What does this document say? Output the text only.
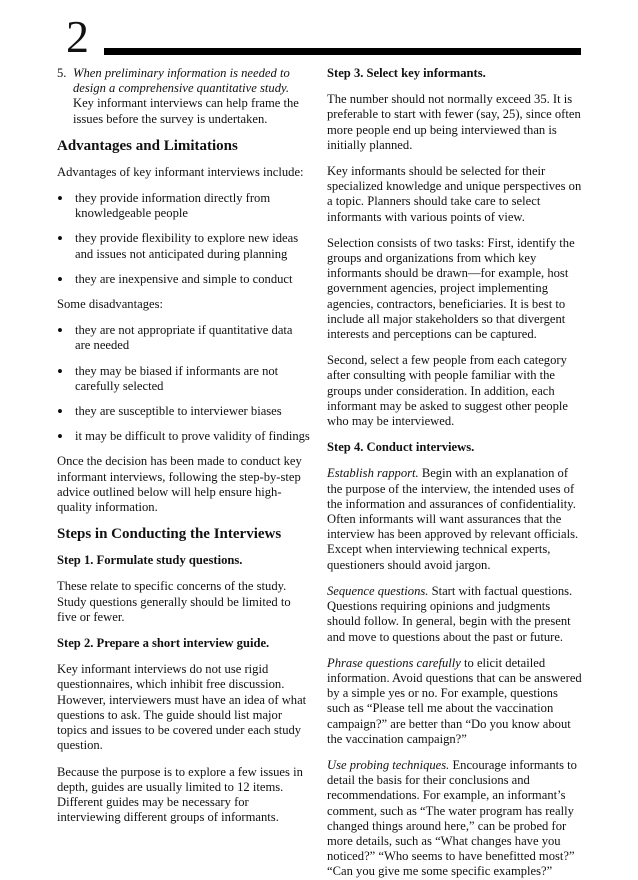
2
5. When preliminary information is needed to design a comprehensive quantitative study. Key informant interviews can help frame the issues before the survey is undertaken.
Advantages and Limitations

Advantages of key informant interviews include:

• they provide information directly from knowledgeable people
• they provide flexibility to explore new ideas and issues not anticipated during planning
• they are inexpensive and simple to conduct

Some disadvantages:

• they are not appropriate if quantitative data are needed
• they may be biased if informants are not carefully selected
• they are susceptible to interviewer biases
• it may be difficult to prove validity of findings

Once the decision has been made to conduct key informant interviews, following the step-by-step advice outlined below will help ensure high-quality information.

Steps in Conducting the Interviews

Step 1. Formulate study questions.

These relate to specific concerns of the study. Study questions generally should be limited to five or fewer.

Step 2. Prepare a short interview guide.

Key informant interviews do not use rigid questionnaires, which inhibit free discussion. However, interviewers must have an idea of what questions to ask. The guide should list major topics and issues to be covered under each study question.

Because the purpose is to explore a few issues in depth, guides are usually limited to 12 items. Different guides may be necessary for interviewing different groups of informants.

Step 3. Select key informants.

The number should not normally exceed 35. It is preferable to start with fewer (say, 25), since often more people end up being interviewed than is initially planned.

Key informants should be selected for their specialized knowledge and unique perspectives on a topic. Planners should take care to select informants with various points of view.

Selection consists of two tasks: First, identify the groups and organizations from which key informants should be drawn—for example, host government agencies, project implementing agencies, contractors, beneficiaries. It is best to include all major stakeholders so that divergent interests and perceptions can be captured.

Second, select a few people from each category after consulting with people familiar with the groups under consideration. In addition, each informant may be asked to suggest other people who may be interviewed.

Step 4. Conduct interviews.

Establish rapport. Begin with an explanation of the purpose of the interview, the intended uses of the information and assurances of confidentiality. Often informants will want assurances that the interview has been approved by relevant officials. Except when interviewing technical experts, questioners should avoid jargon.

Sequence questions. Start with factual questions. Questions requiring opinions and judgments should follow. In general, begin with the present and move to questions about the past or future.

Phrase questions carefully to elicit detailed information. Avoid questions that can be answered by a simple yes or no. For example, questions such as “Please tell me about the vaccination campaign?” are better than “Do you know about the vaccination campaign?”

Use probing techniques. Encourage informants to detail the basis for their conclusions and recommendations. For example, an informant’s comment, such as “The water program has really changed things around here,” can be probed for more details, such as “What changes have you noticed?” “Who seems to have benefitted most?” “Can you give me some specific examples?”
